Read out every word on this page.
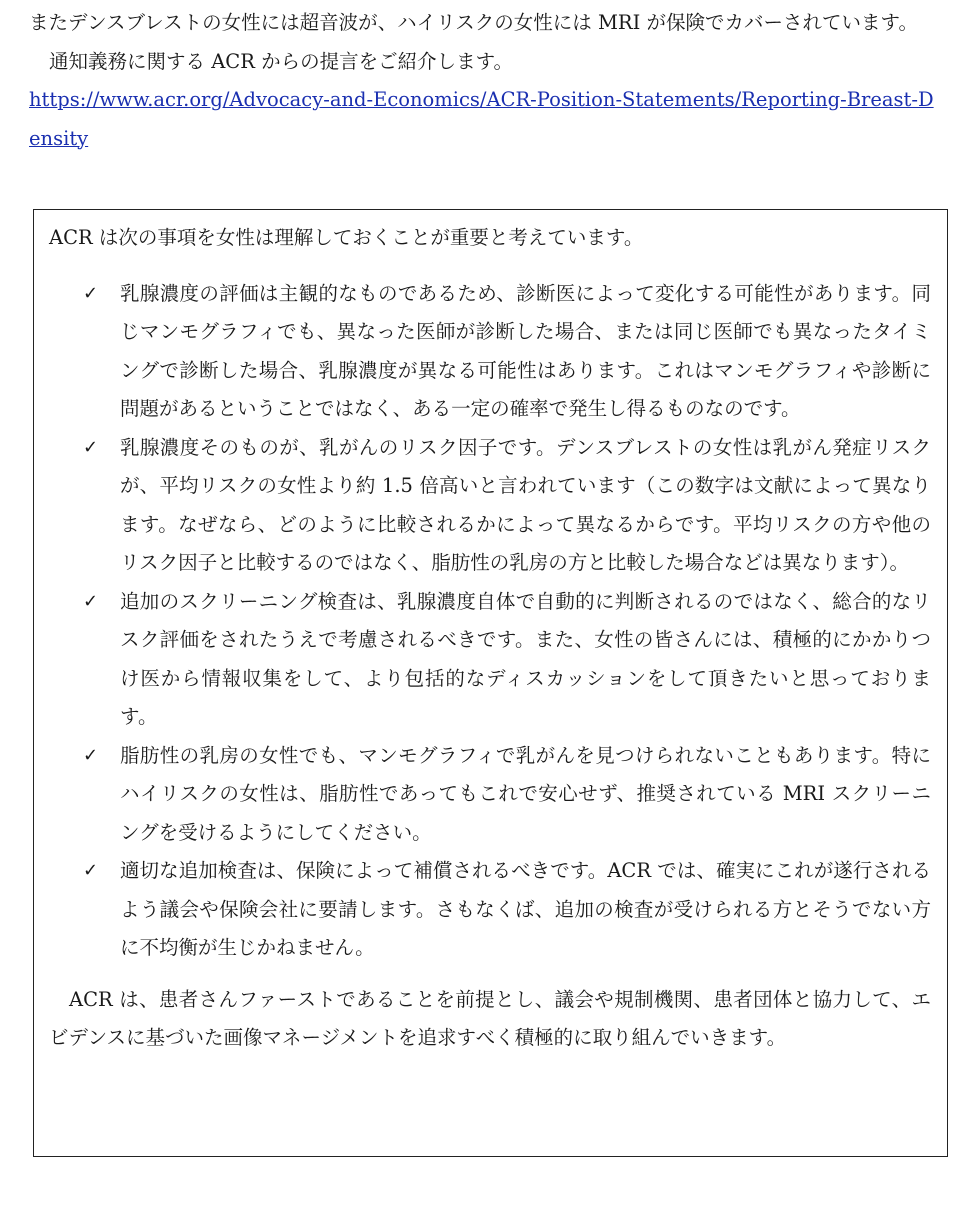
またデンスブレストの女性には超音波が、ハイリスクの女性には MRI が保険でカバーされています。

通知義務に関する ACR からの提言をご紹介します。

https://www.acr.org/Advocacy-and-Economics/ACR-Position-Statements/Reporting-Breast-Density

ACR は次の事項を女性は理解しておくことが重要と考えています。

✓	乳腺濃度の評価は主観的なものであるため、診断医によって変化する可能性があります。同じマンモグラフィでも、異なった医師が診断した場合、または同じ医師でも異なったタイミングで診断した場合、乳腺濃度が異なる可能性はあります。これはマンモグラフィや診断に問題があるということではなく、ある一定の確率で発生し得るものなのです。
✓	乳腺濃度そのものが、乳がんのリスク因子です。デンスブレストの女性は乳がん発症リスクが、平均リスクの女性より約 1.5 倍高いと言われています（この数字は文献によって異なります。なぜなら、どのように比較されるかによって異なるからです。平均リスクの方や他のリスク因子と比較するのではなく、脂肪性の乳房の方と比較した場合などは異なります）。
✓	追加のスクリーニング検査は、乳腺濃度自体で自動的に判断されるのではなく、総合的なリスク評価をされたうえで考慮されるべきです。また、女性の皆さんには、積極的にかかりつけ医から情報収集をして、より包括的なディスカッションをして頂きたいと思っております。
✓	脂肪性の乳房の女性でも、マンモグラフィで乳がんを見つけられないこともあります。特にハイリスクの女性は、脂肪性であってもこれで安心せず、推奨されている MRI スクリーニングを受けるようにしてください。
✓	適切な追加検査は、保険によって補償されるべきです。ACR では、確実にこれが遂行されるよう議会や保険会社に要請します。さもなくば、追加の検査が受けられる方とそうでない方に不均衡が生じかねません。

ACR は、患者さんファーストであることを前提とし、議会や規制機関、患者団体と協力して、エビデンスに基づいた画像マネージメントを追求すべく積極的に取り組んでいきます。
